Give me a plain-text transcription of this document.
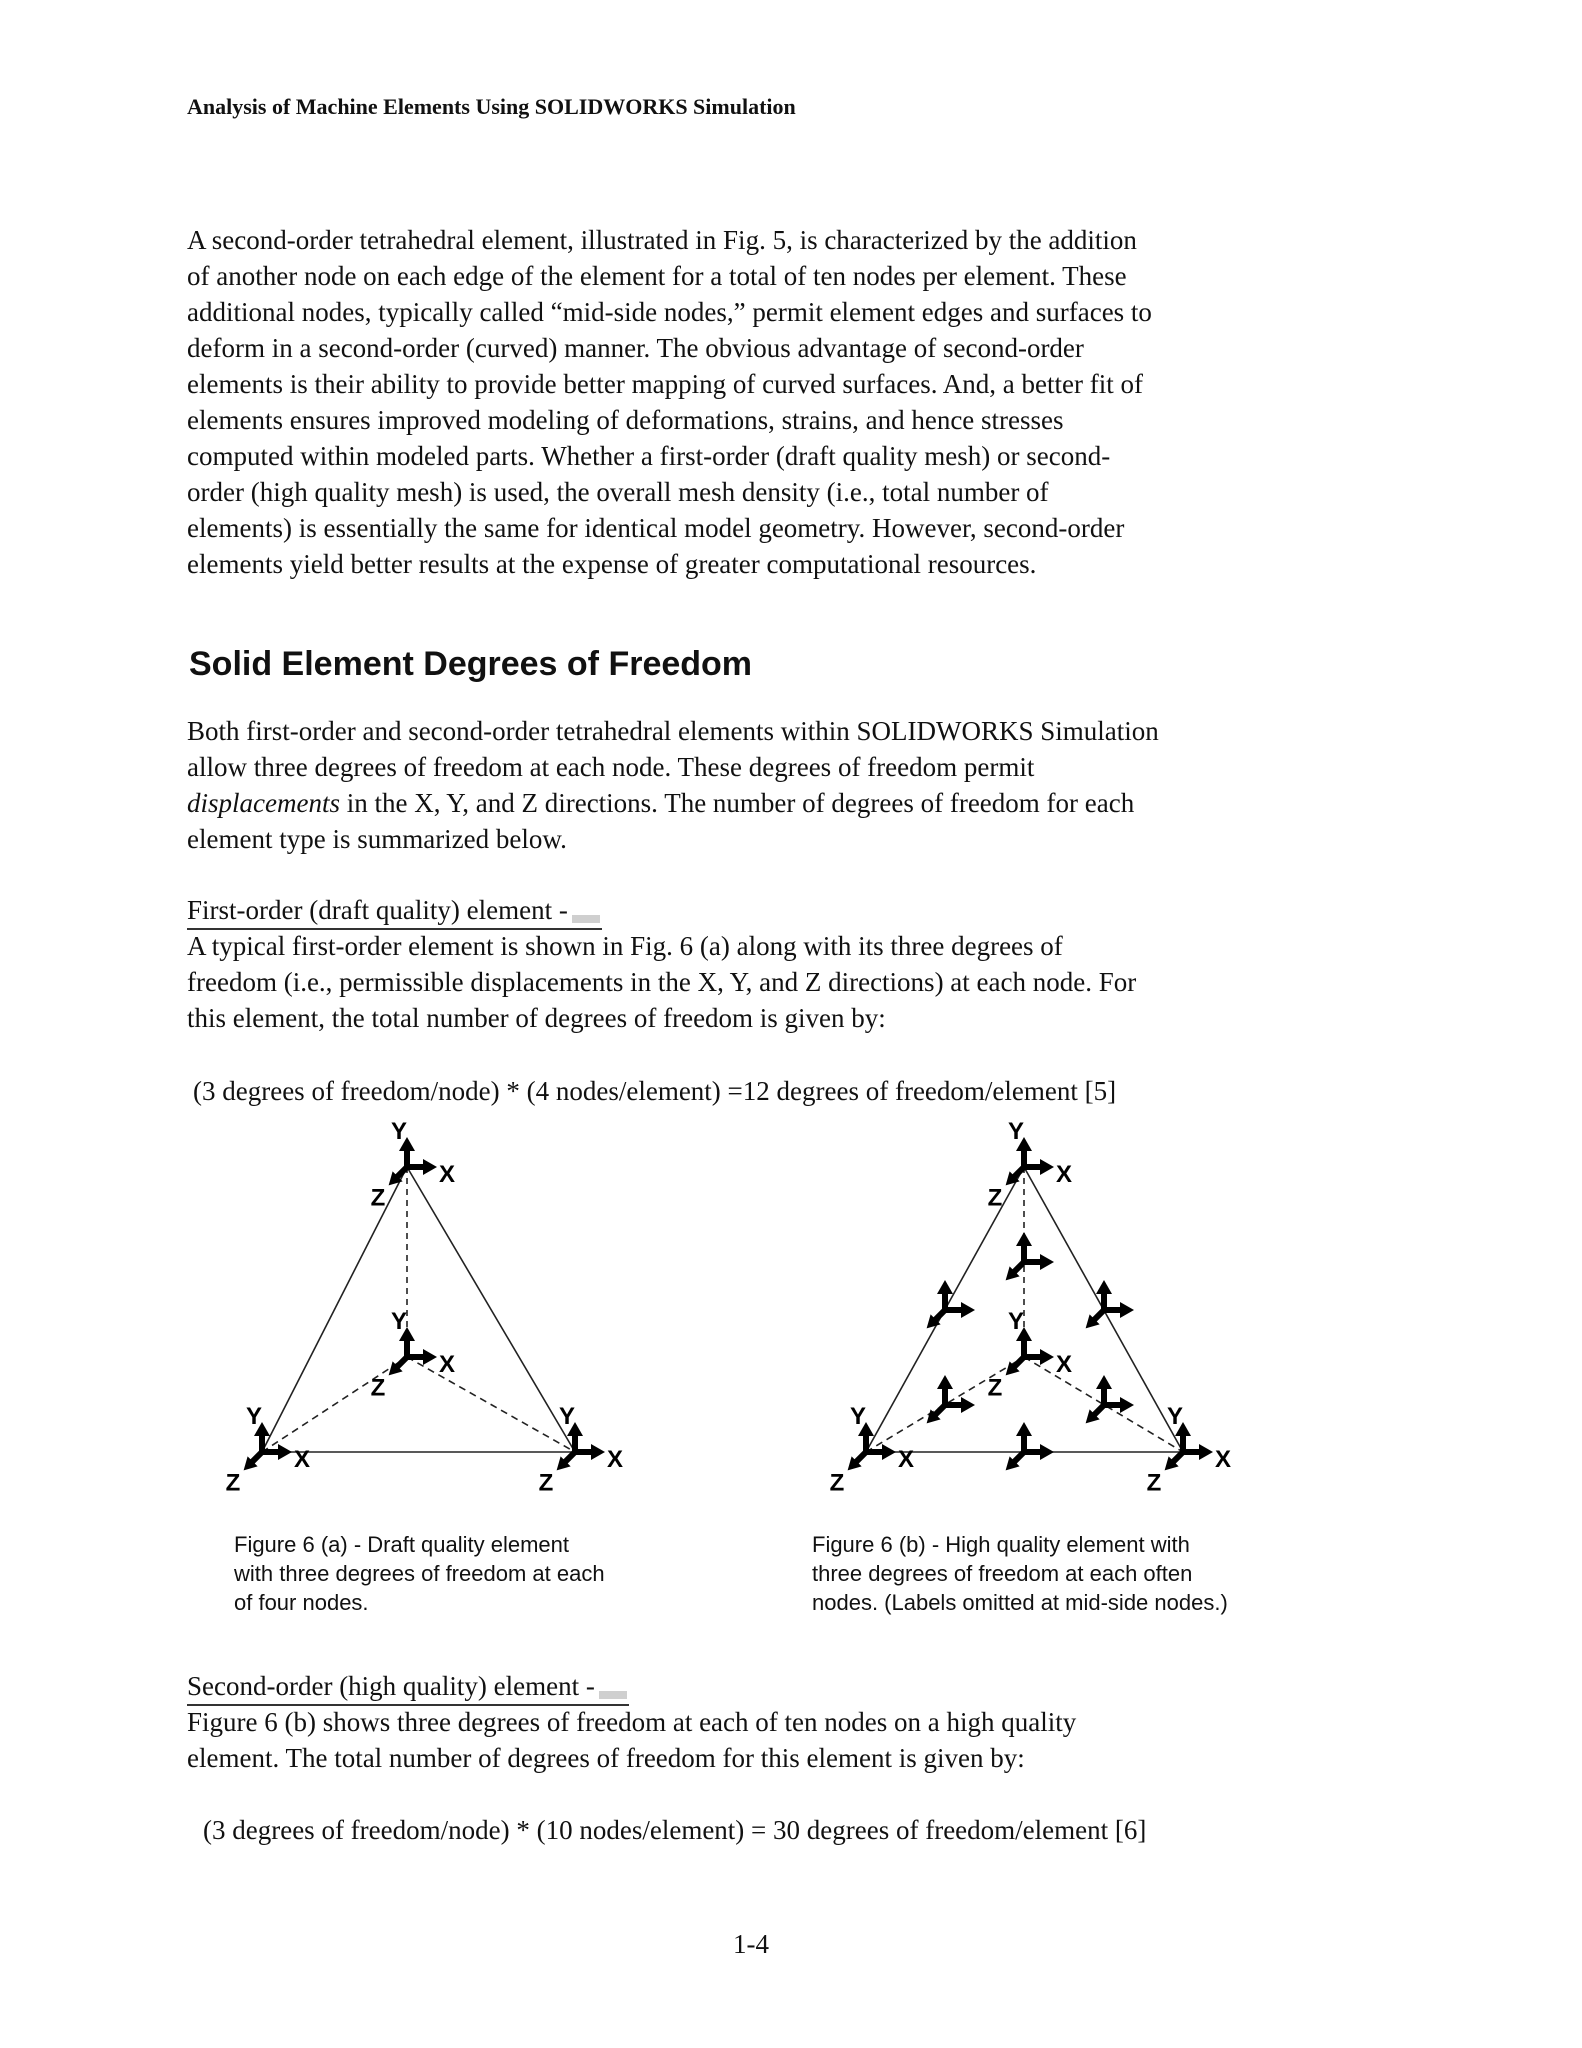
Analysis of Machine Elements Using SOLIDWORKS Simulation

A second-order tetrahedral element, illustrated in Fig. 5, is characterized by the addition
of another node on each edge of the element for a total of ten nodes per element. These
additional nodes, typically called “mid-side nodes,” permit element edges and surfaces to
deform in a second-order (curved) manner. The obvious advantage of second-order
elements is their ability to provide better mapping of curved surfaces. And, a better fit of
elements ensures improved modeling of deformations, strains, and hence stresses
computed within modeled parts. Whether a first-order (draft quality mesh) or second-
order (high quality mesh) is used, the overall mesh density (i.e., total number of
elements) is essentially the same for identical model geometry. However, second-order
elements yield better results at the expense of greater computational resources.

Solid Element Degrees of Freedom

Both first-order and second-order tetrahedral elements within SOLIDWORKS Simulation
allow three degrees of freedom at each node. These degrees of freedom permit
displacements in the X, Y, and Z directions. The number of degrees of freedom for each
element type is summarized below.

First-order (draft quality) element -

A typical first-order element is shown in Fig. 6 (a) along with its three degrees of
freedom (i.e., permissible displacements in the X, Y, and Z directions) at each node. For
this element, the total number of degrees of freedom is given by:

(3 degrees of freedom/node) * (4 nodes/element) =12 degrees of freedom/element [5]
Y
X
Z
Y
X
Z
Y
X
Z
Y
X
Z
Y
X
Z
Y
X
Z
Y
X
Z
Y
X
Z

Figure 6 (a) - Draft quality element
with three degrees of freedom at each
of four nodes.

Figure 6 (b) - High quality element with
three degrees of freedom at each often
nodes. (Labels omitted at mid-side nodes.)

Second-order (high quality) element -

Figure 6 (b) shows three degrees of freedom at each of ten nodes on a high quality
element. The total number of degrees of freedom for this element is given by:

(3 degrees of freedom/node) * (10 nodes/element) = 30 degrees of freedom/element [6]
1-4
